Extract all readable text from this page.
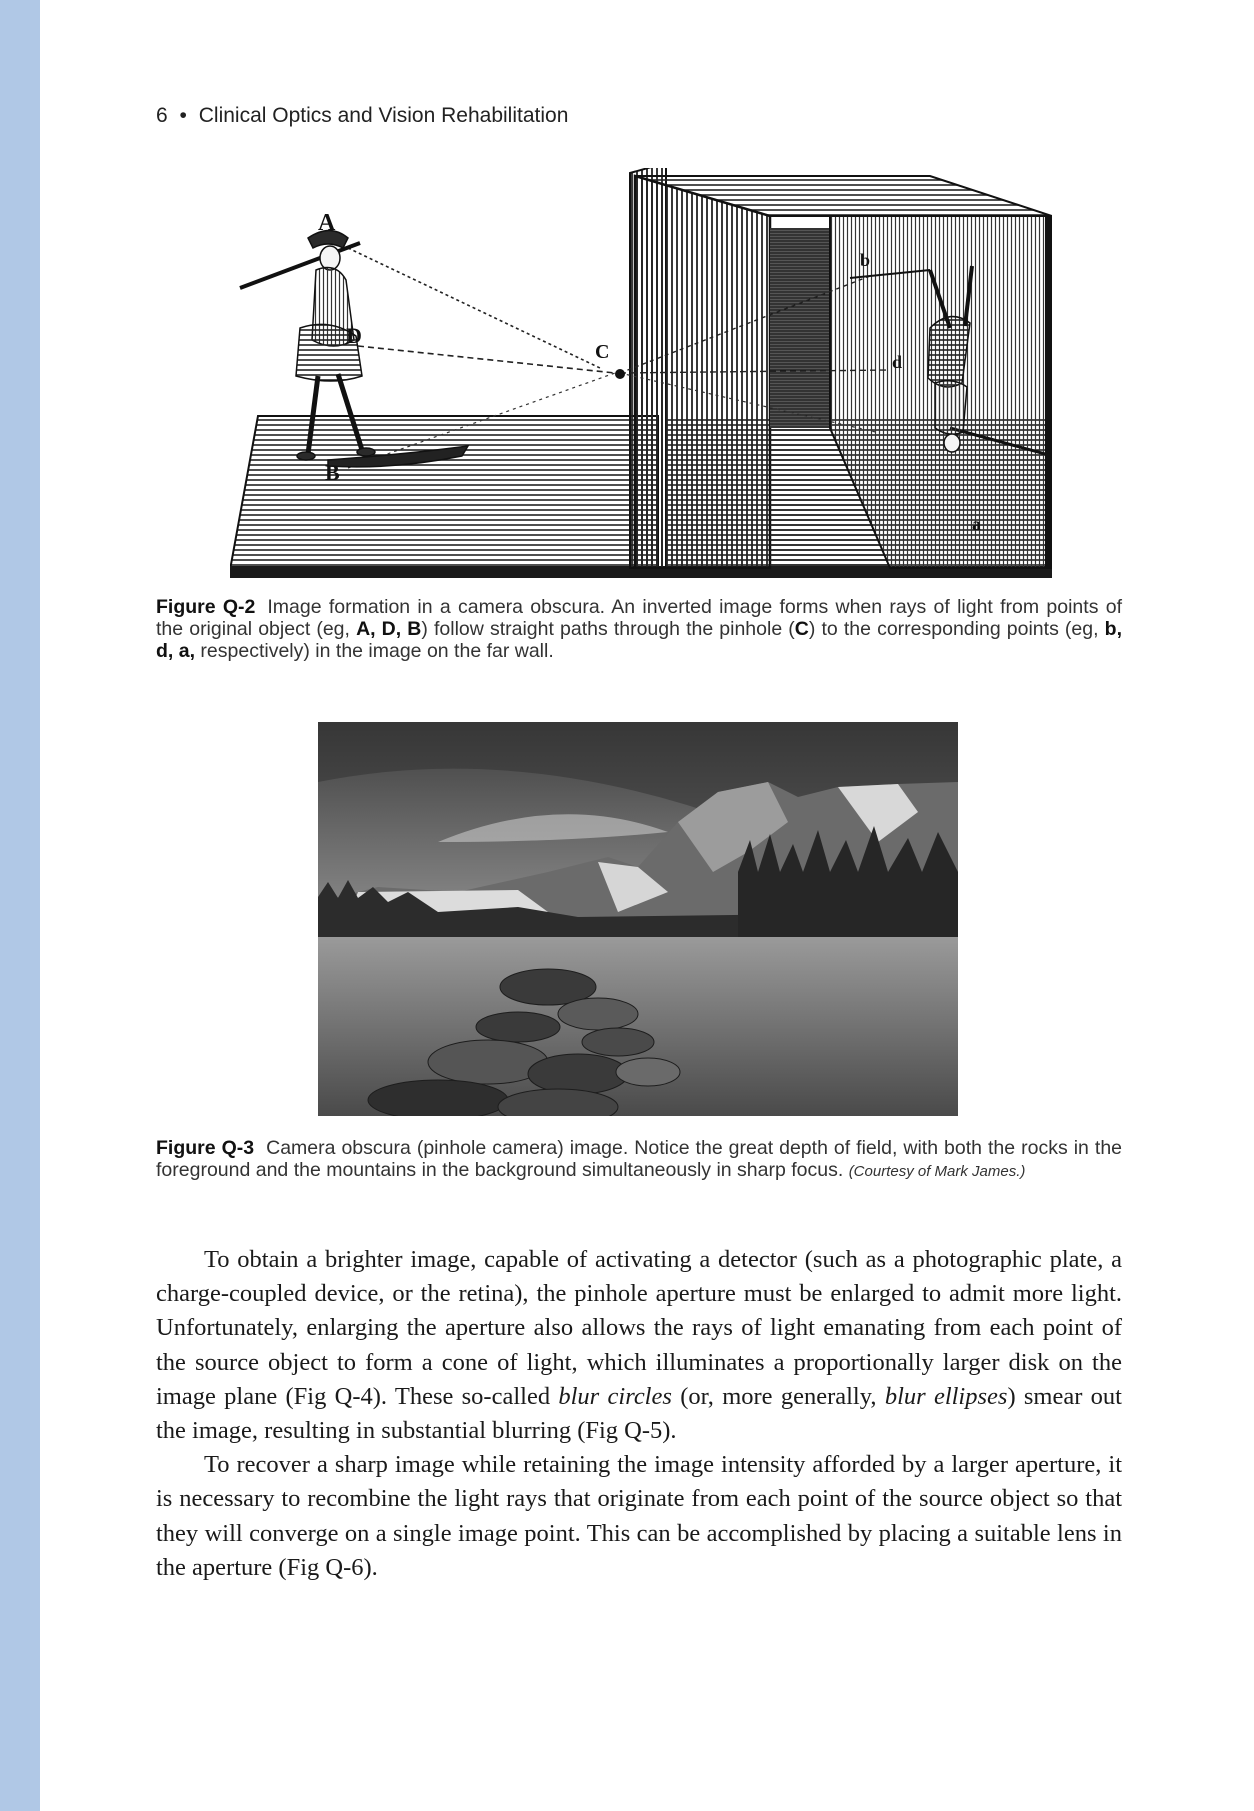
6 • Clinical Optics and Vision Rehabilitation
A
D
B
C
b
d
a
Figure Q-2 Image formation in a camera obscura. An inverted image forms when rays of light from points of the original object (eg, A, D, B) follow straight paths through the pinhole (C) to the corresponding points (eg, b, d, a, respectively) in the image on the far wall.
Figure Q-3 Camera obscura (pinhole camera) image. Notice the great depth of field, with both the rocks in the foreground and the mountains in the background simultaneously in sharp focus. (Courtesy of Mark James.)

To obtain a brighter image, capable of activating a detector (such as a photographic plate, a charge-coupled device, or the retina), the pinhole aperture must be enlarged to admit more light. Unfortunately, enlarging the aperture also allows the rays of light emanating from each point of the source object to form a cone of light, which illuminates a proportionally larger disk on the image plane (Fig Q-4). These so-called blur circles (or, more generally, blur ellipses) smear out the image, resulting in substantial blurring (Fig Q-5).

To recover a sharp image while retaining the image intensity afforded by a larger aperture, it is necessary to recombine the light rays that originate from each point of the source object so that they will converge on a single image point. This can be accomplished by placing a suitable lens in the aperture (Fig Q-6).
